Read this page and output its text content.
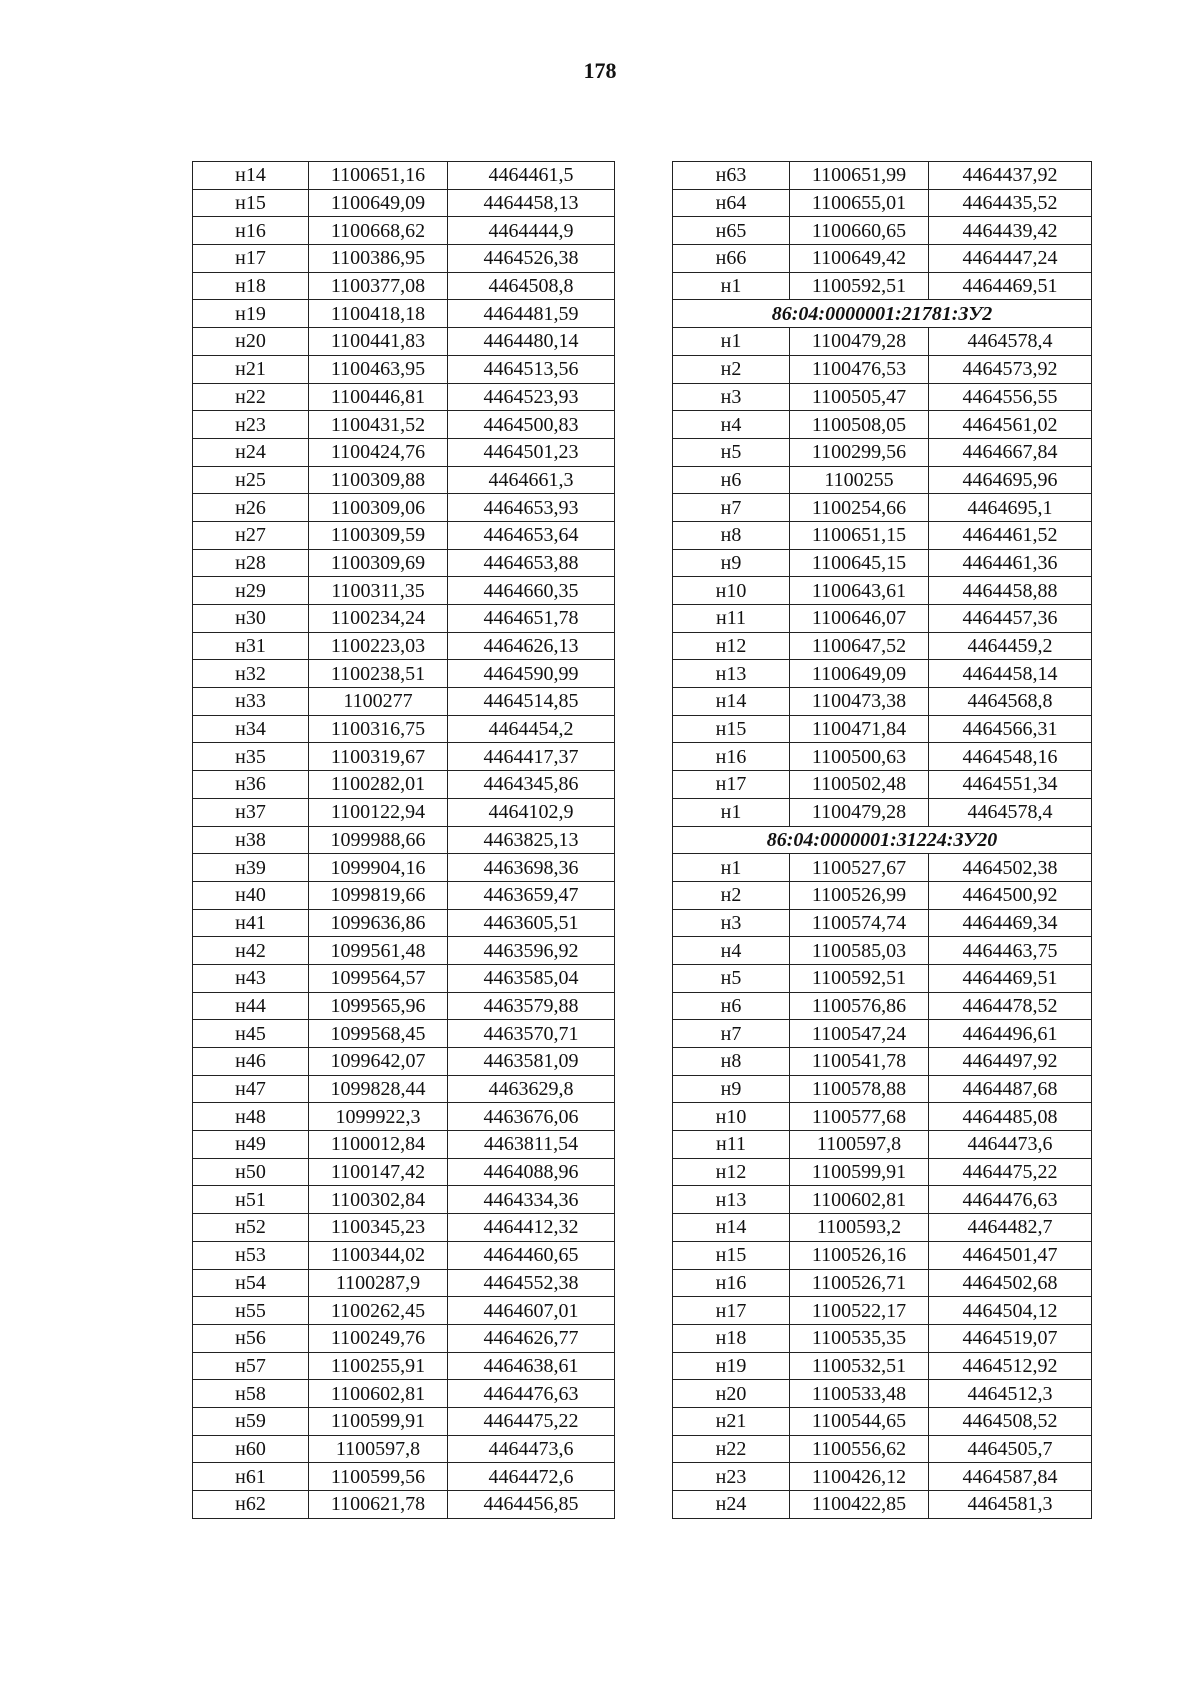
178
н14	1100651,16	4464461,5
н15	1100649,09	4464458,13
н16	1100668,62	4464444,9
н17	1100386,95	4464526,38
н18	1100377,08	4464508,8
н19	1100418,18	4464481,59
н20	1100441,83	4464480,14
н21	1100463,95	4464513,56
н22	1100446,81	4464523,93
н23	1100431,52	4464500,83
н24	1100424,76	4464501,23
н25	1100309,88	4464661,3
н26	1100309,06	4464653,93
н27	1100309,59	4464653,64
н28	1100309,69	4464653,88
н29	1100311,35	4464660,35
н30	1100234,24	4464651,78
н31	1100223,03	4464626,13
н32	1100238,51	4464590,99
н33	1100277	4464514,85
н34	1100316,75	4464454,2
н35	1100319,67	4464417,37
н36	1100282,01	4464345,86
н37	1100122,94	4464102,9
н38	1099988,66	4463825,13
н39	1099904,16	4463698,36
н40	1099819,66	4463659,47
н41	1099636,86	4463605,51
н42	1099561,48	4463596,92
н43	1099564,57	4463585,04
н44	1099565,96	4463579,88
н45	1099568,45	4463570,71
н46	1099642,07	4463581,09
н47	1099828,44	4463629,8
н48	1099922,3	4463676,06
н49	1100012,84	4463811,54
н50	1100147,42	4464088,96
н51	1100302,84	4464334,36
н52	1100345,23	4464412,32
н53	1100344,02	4464460,65
н54	1100287,9	4464552,38
н55	1100262,45	4464607,01
н56	1100249,76	4464626,77
н57	1100255,91	4464638,61
н58	1100602,81	4464476,63
н59	1100599,91	4464475,22
н60	1100597,8	4464473,6
н61	1100599,56	4464472,6
н62	1100621,78	4464456,85
н63	1100651,99	4464437,92
н64	1100655,01	4464435,52
н65	1100660,65	4464439,42
н66	1100649,42	4464447,24
н1	1100592,51	4464469,51
86:04:0000001:21781:ЗУ2		
н1	1100479,28	4464578,4
н2	1100476,53	4464573,92
н3	1100505,47	4464556,55
н4	1100508,05	4464561,02
н5	1100299,56	4464667,84
н6	1100255	4464695,96
н7	1100254,66	4464695,1
н8	1100651,15	4464461,52
н9	1100645,15	4464461,36
н10	1100643,61	4464458,88
н11	1100646,07	4464457,36
н12	1100647,52	4464459,2
н13	1100649,09	4464458,14
н14	1100473,38	4464568,8
н15	1100471,84	4464566,31
н16	1100500,63	4464548,16
н17	1100502,48	4464551,34
н1	1100479,28	4464578,4
86:04:0000001:31224:ЗУ20		
н1	1100527,67	4464502,38
н2	1100526,99	4464500,92
н3	1100574,74	4464469,34
н4	1100585,03	4464463,75
н5	1100592,51	4464469,51
н6	1100576,86	4464478,52
н7	1100547,24	4464496,61
н8	1100541,78	4464497,92
н9	1100578,88	4464487,68
н10	1100577,68	4464485,08
н11	1100597,8	4464473,6
н12	1100599,91	4464475,22
н13	1100602,81	4464476,63
н14	1100593,2	4464482,7
н15	1100526,16	4464501,47
н16	1100526,71	4464502,68
н17	1100522,17	4464504,12
н18	1100535,35	4464519,07
н19	1100532,51	4464512,92
н20	1100533,48	4464512,3
н21	1100544,65	4464508,52
н22	1100556,62	4464505,7
н23	1100426,12	4464587,84
н24	1100422,85	4464581,3
